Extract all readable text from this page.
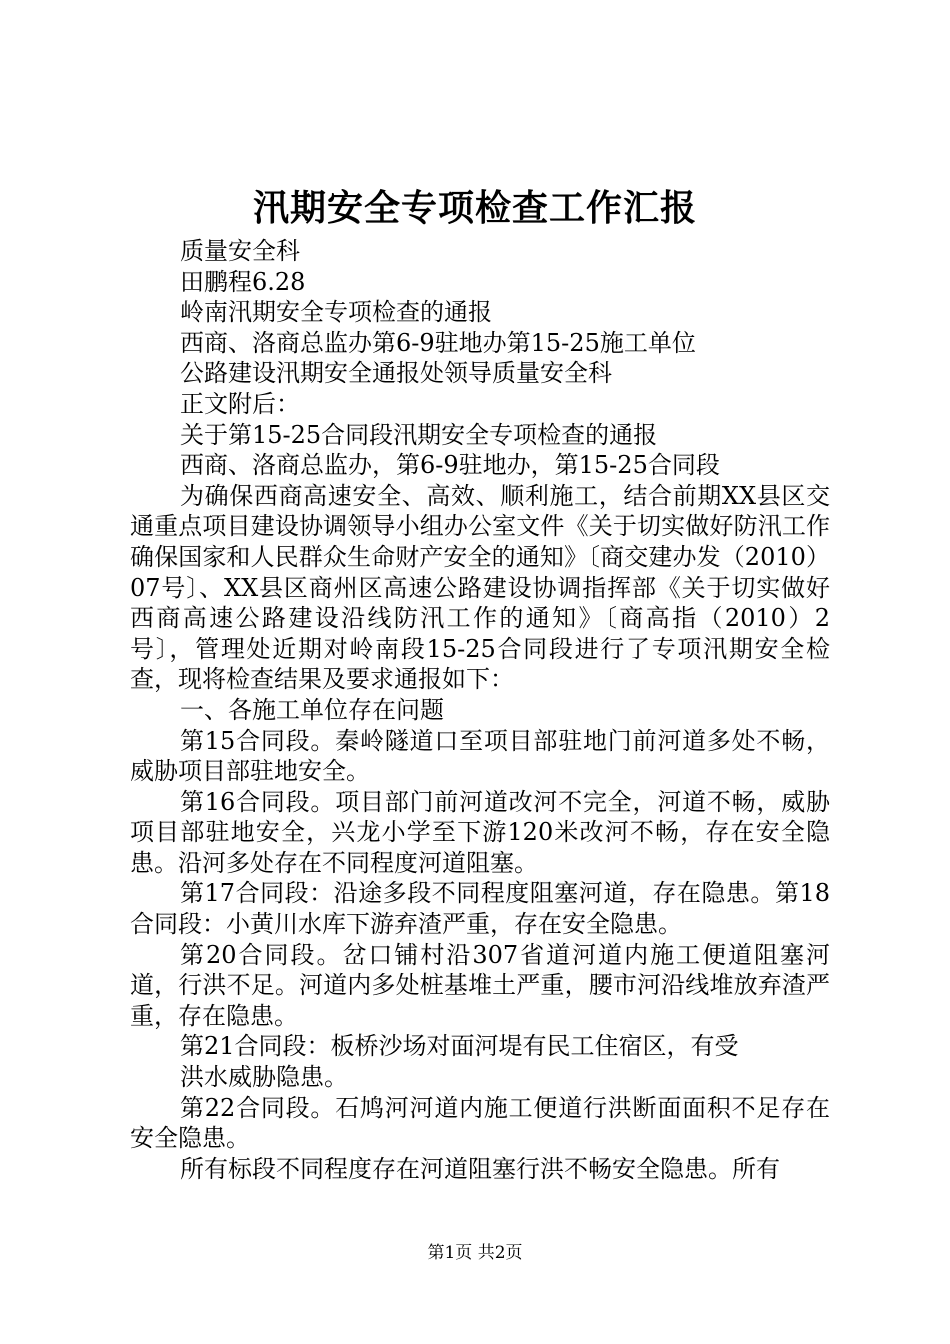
汛期安全专项检查工作汇报

质量安全科

田鹏程6.28

岭南汛期安全专项检查的通报

西商、洛商总监办第6-9驻地办第15-25施工单位

公路建设汛期安全通报处领导质量安全科

正文附后：

关于第15-25合同段汛期安全专项检查的通报

西商、洛商总监办，第6-9驻地办，第15-25合同段

为确保西商高速安全、高效、顺利施工，结合前期XX县区交通重点项目建设协调领导小组办公室文件《关于切实做好防汛工作确保国家和人民群众生命财产安全的通知》〔商交建办发（2010）07号〕、XX县区商州区高速公路建设协调指挥部《关于切实做好西商高速公路建设沿线防汛工作的通知》〔商高指（2010）2号〕，管理处近期对岭南段15-25合同段进行了专项汛期安全检查，现将检查结果及要求通报如下：

一、各施工单位存在问题

第15合同段。秦岭隧道口至项目部驻地门前河道多处不畅，威胁项目部驻地安全。

第16合同段。项目部门前河道改河不完全，河道不畅，威胁项目部驻地安全，兴龙小学至下游120米改河不畅，存在安全隐患。沿河多处存在不同程度河道阻塞。

第17合同段：沿途多段不同程度阻塞河道，存在隐患。第18合同段：小黄川水库下游弃渣严重，存在安全隐患。

第20合同段。岔口铺村沿307省道河道内施工便道阻塞河道，行洪不足。河道内多处桩基堆土严重，腰市河沿线堆放弃渣严重，存在隐患。

第21合同段：板桥沙场对面河堤有民工住宿区，有受

洪水威胁隐患。

第22合同段。石鸠河河道内施工便道行洪断面面积不足存在安全隐患。

所有标段不同程度存在河道阻塞行洪不畅安全隐患。所有

第1页 共2页
